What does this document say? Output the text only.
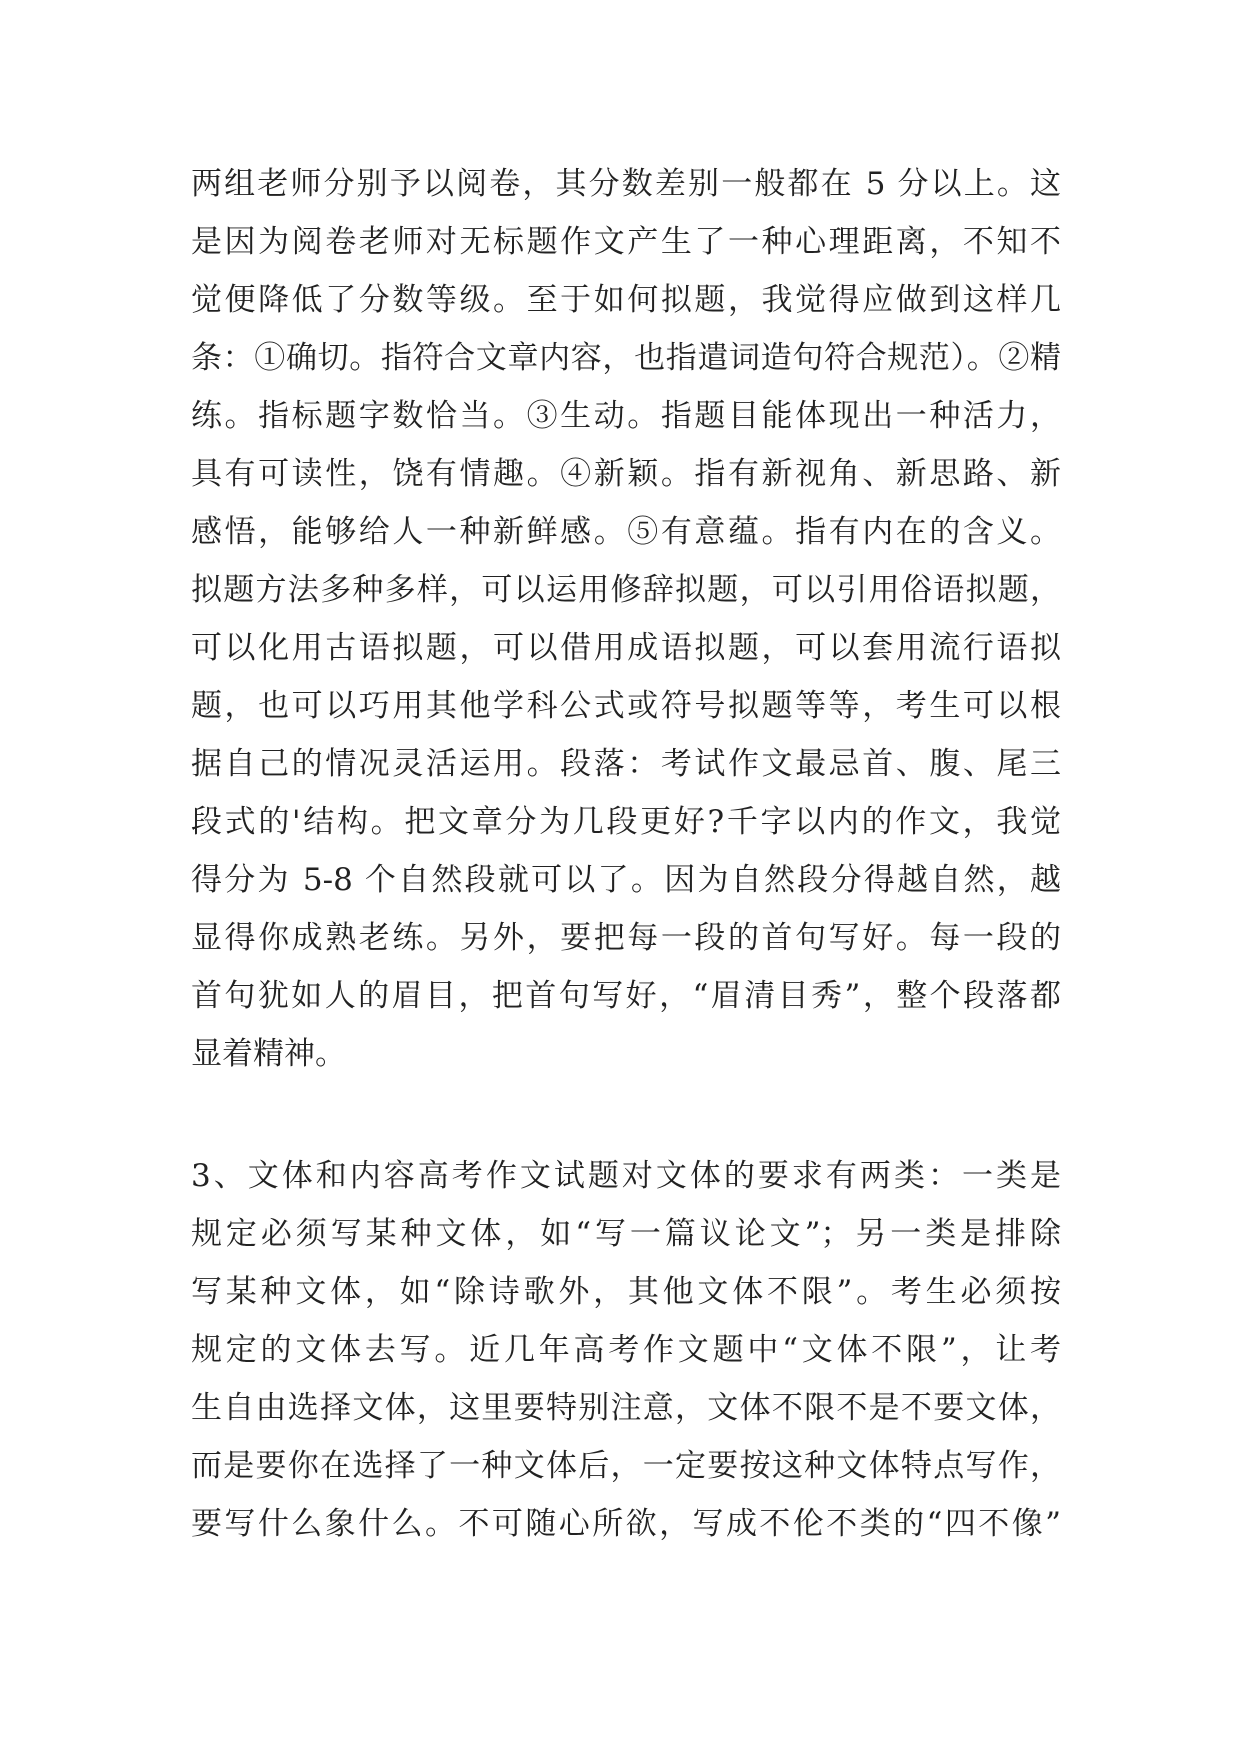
两组老师分别予以阅卷，其分数差别一般都在 5 分以上。这
是因为阅卷老师对无标题作文产生了一种心理距离，不知不
觉便降低了分数等级。至于如何拟题，我觉得应做到这样几
条：①确切。指符合文章内容，也指遣词造句符合规范）。②精
练。指标题字数恰当。③生动。指题目能体现出一种活力，
具有可读性，饶有情趣。④新颖。指有新视角、新思路、新
感悟，能够给人一种新鲜感。⑤有意蕴。指有内在的含义。
拟题方法多种多样，可以运用修辞拟题，可以引用俗语拟题，
可以化用古语拟题，可以借用成语拟题，可以套用流行语拟
题，也可以巧用其他学科公式或符号拟题等等，考生可以根
据自己的情况灵活运用。段落：考试作文最忌首、腹、尾三
段式的'结构。把文章分为几段更好?千字以内的作文，我觉
得分为 5-8 个自然段就可以了。因为自然段分得越自然，越
显得你成熟老练。另外，要把每一段的首句写好。每一段的
首句犹如人的眉目，把首句写好，“眉清目秀”，整个段落都
显着精神。
3、文体和内容高考作文试题对文体的要求有两类：一类是
规定必须写某种文体，如“写一篇议论文”；另一类是排除
写某种文体，如“除诗歌外，其他文体不限”。考生必须按
规定的文体去写。近几年高考作文题中“文体不限”，让考
生自由选择文体，这里要特别注意，文体不限不是不要文体，
而是要你在选择了一种文体后，一定要按这种文体特点写作，
要写什么象什么。不可随心所欲，写成不伦不类的“四不像”
